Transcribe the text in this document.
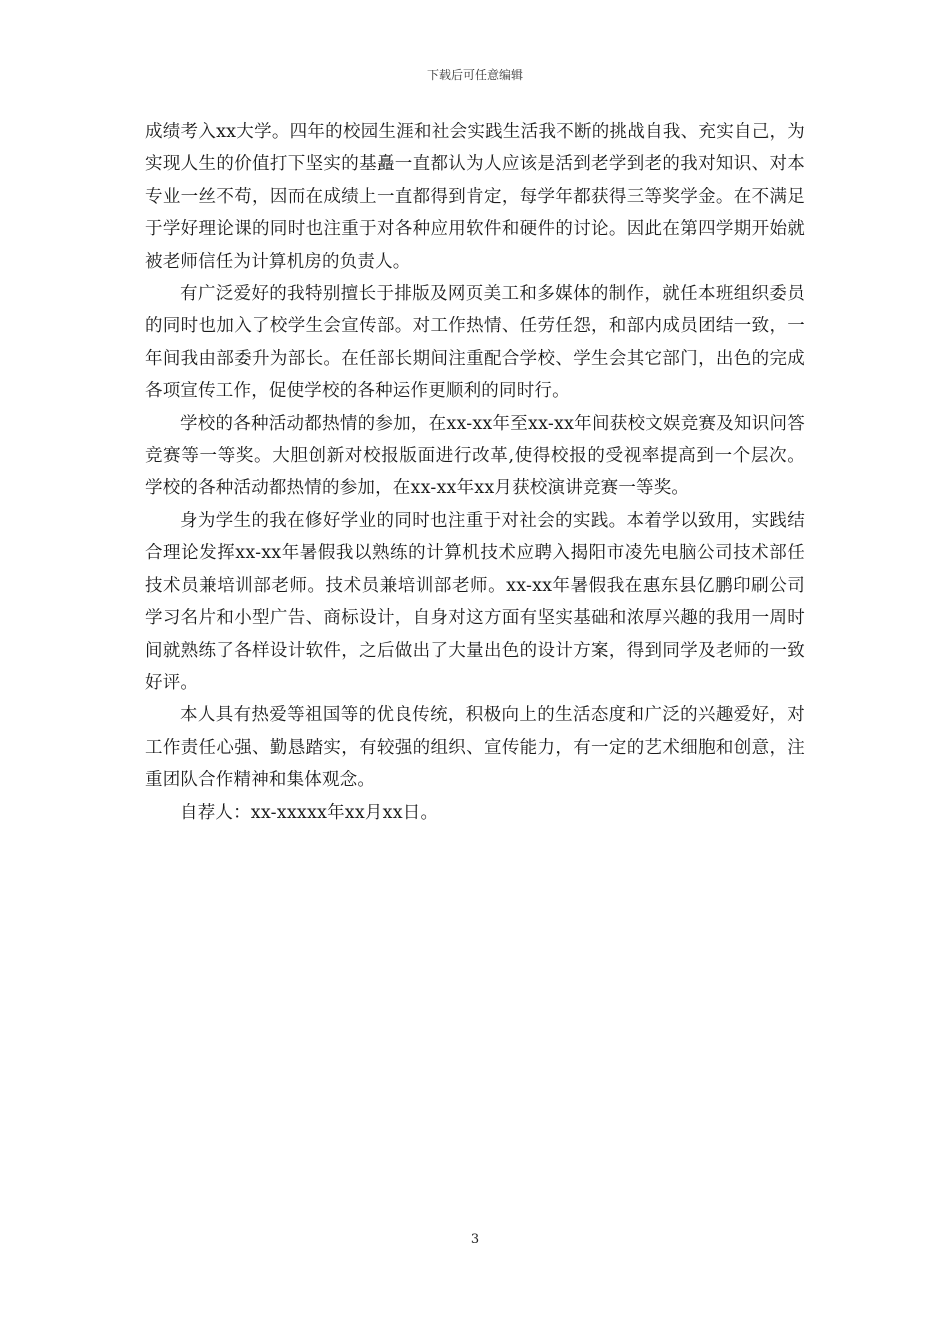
下载后可任意编辑

成绩考入xx大学。四年的校园生涯和社会实践生活我不断的挑战自我、充实自己，为实现人生的价值打下坚实的基矗一直都认为人应该是活到老学到老的我对知识、对本专业一丝不苟，因而在成绩上一直都得到肯定，每学年都获得三等奖学金。在不满足于学好理论课的同时也注重于对各种应用软件和硬件的讨论。因此在第四学期开始就被老师信任为计算机房的负责人。

有广泛爱好的我特别擅长于排版及网页美工和多媒体的制作，就任本班组织委员的同时也加入了校学生会宣传部。对工作热情、任劳任怨，和部内成员团结一致，一年间我由部委升为部长。在任部长期间注重配合学校、学生会其它部门，出色的完成各项宣传工作，促使学校的各种运作更顺利的同时行。

学校的各种活动都热情的参加，在xx-xx年至xx-xx年间获校文娱竞赛及知识问答竞赛等一等奖。大胆创新对校报版面进行改革,使得校报的受视率提高到一个层次。学校的各种活动都热情的参加，在xx-xx年xx月获校演讲竞赛一等奖。

身为学生的我在修好学业的同时也注重于对社会的实践。本着学以致用，实践结合理论发挥xx-xx年暑假我以熟练的计算机技术应聘入揭阳市凌先电脑公司技术部任技术员兼培训部老师。技术员兼培训部老师。xx-xx年暑假我在惠东县亿鹏印刷公司学习名片和小型广告、商标设计，自身对这方面有坚实基础和浓厚兴趣的我用一周时间就熟练了各样设计软件，之后做出了大量出色的设计方案，得到同学及老师的一致好评。

本人具有热爱等祖国等的优良传统，积极向上的生活态度和广泛的兴趣爱好，对工作责任心强、勤恳踏实，有较强的组织、宣传能力，有一定的艺术细胞和创意，注重团队合作精神和集体观念。

自荐人：xx-xxxxx年xx月xx日。

3
